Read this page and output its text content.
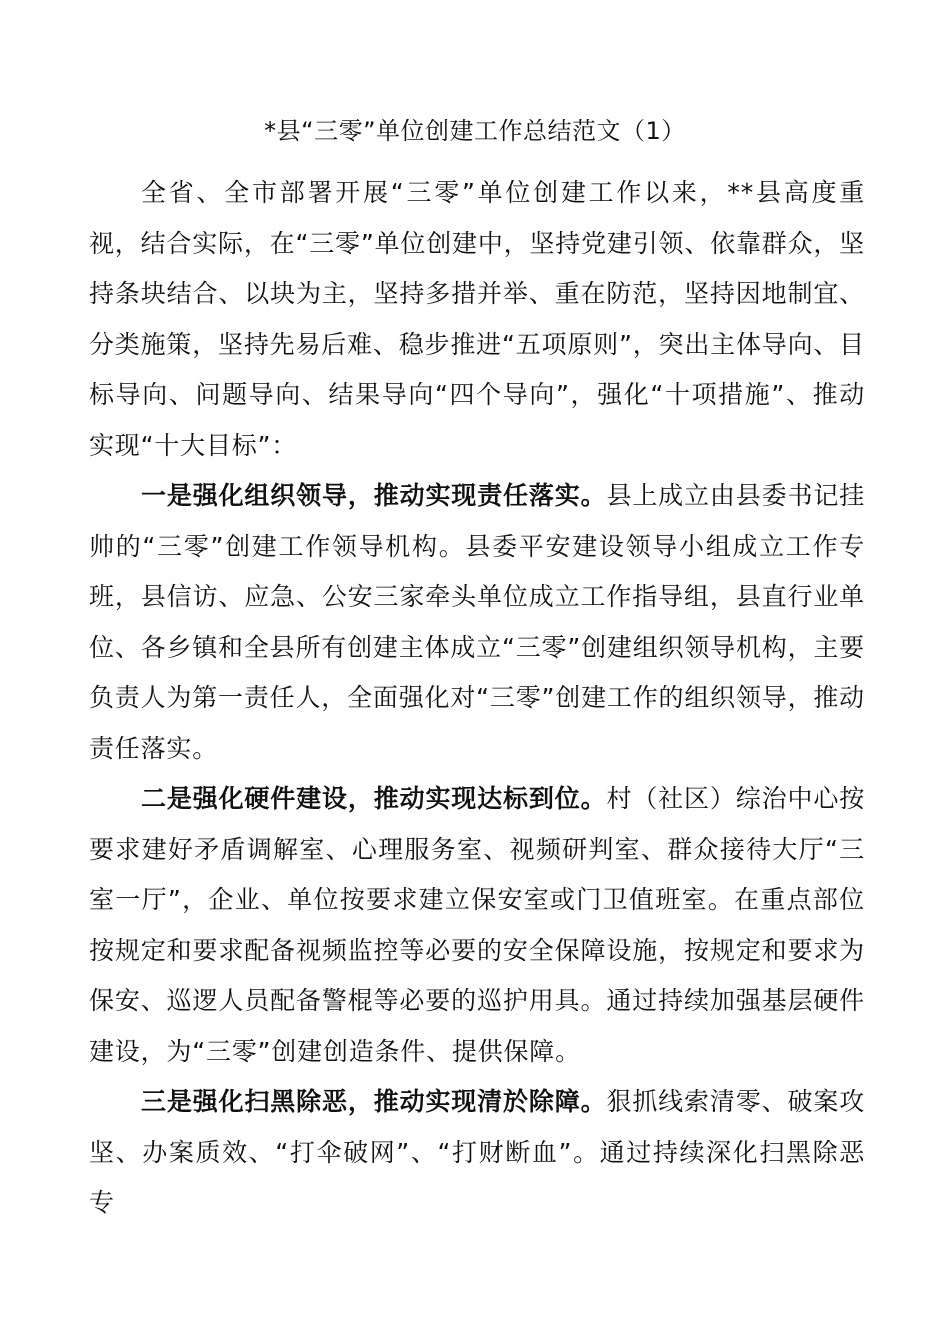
*县“三零”单位创建工作总结范文（1）

全省、全市部署开展“三零”单位创建工作以来，**县高度重视，结合实际，在“三零”单位创建中，坚持党建引领、依靠群众，坚持条块结合、以块为主，坚持多措并举、重在防范，坚持因地制宜、分类施策，坚持先易后难、稳步推进“五项原则”，突出主体导向、目标导向、问题导向、结果导向“四个导向”，强化“十项措施”、推动实现“十大目标”：

一是强化组织领导，推动实现责任落实。县上成立由县委书记挂帅的“三零”创建工作领导机构。县委平安建设领导小组成立工作专班，县信访、应急、公安三家牵头单位成立工作指导组，县直行业单位、各乡镇和全县所有创建主体成立“三零”创建组织领导机构，主要负责人为第一责任人，全面强化对“三零”创建工作的组织领导，推动责任落实。

二是强化硬件建设，推动实现达标到位。村（社区）综治中心按要求建好矛盾调解室、心理服务室、视频研判室、群众接待大厅“三室一厅”，企业、单位按要求建立保安室或门卫值班室。在重点部位按规定和要求配备视频监控等必要的安全保障设施，按规定和要求为保安、巡逻人员配备警棍等必要的巡护用具。通过持续加强基层硬件建设，为“三零”创建创造条件、提供保障。

三是强化扫黑除恶，推动实现清於除障。狠抓线索清零、破案攻坚、办案质效、“打伞破网”、“打财断血”。通过持续深化扫黑除恶专
